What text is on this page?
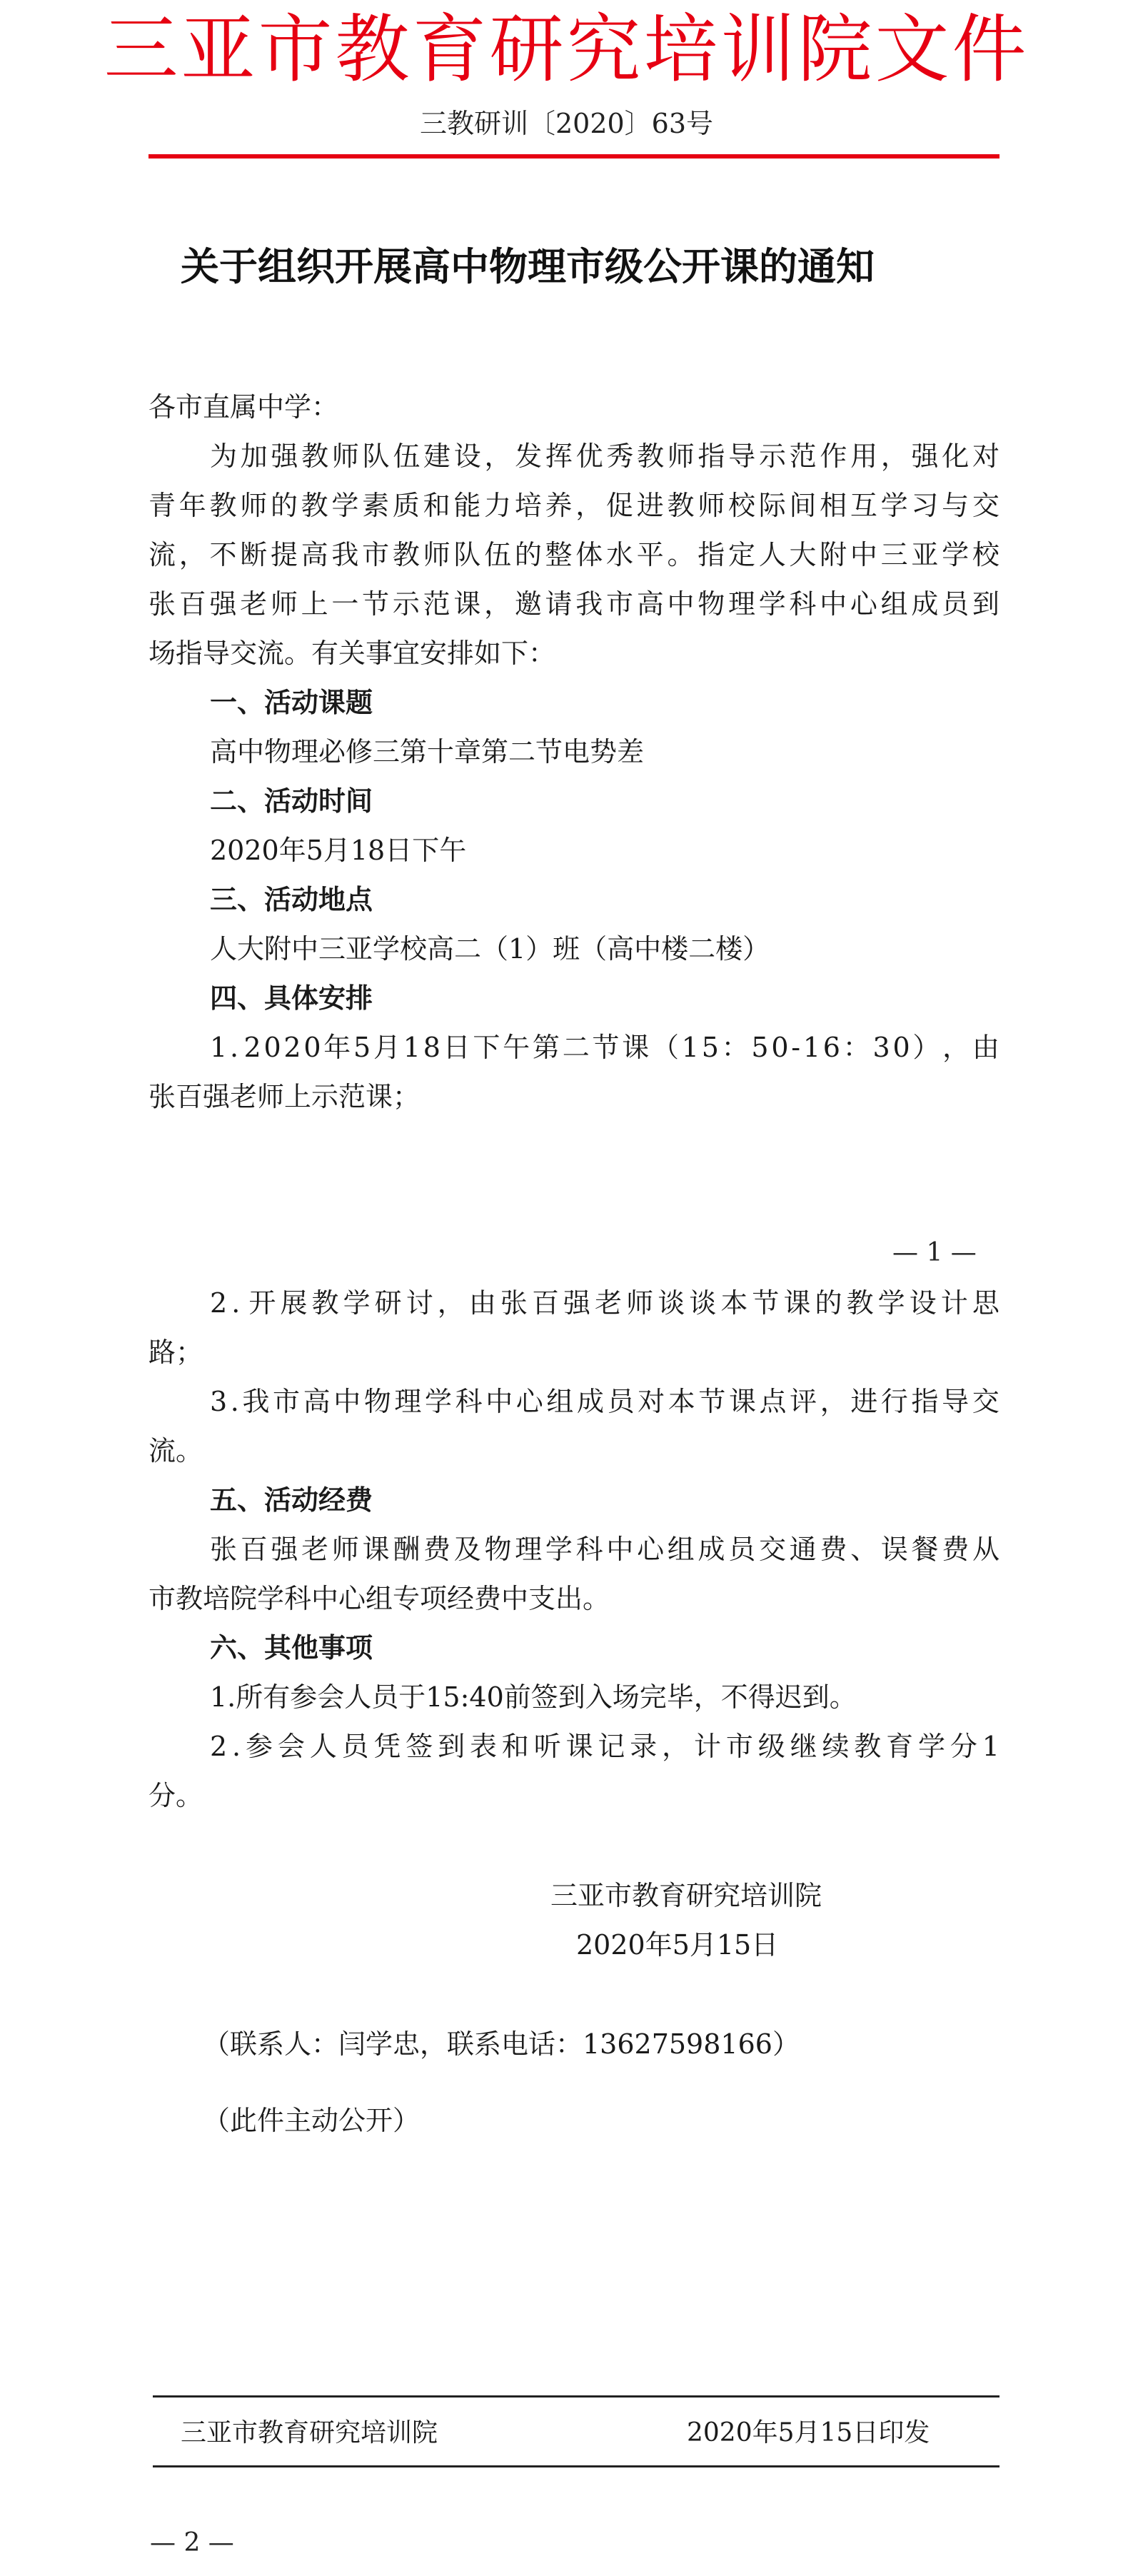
三亚市教育研究培训院文件
三教研训〔2020〕63号
关于组织开展高中物理市级公开课的通知
各市直属中学：
为 加 强 教 师 队 伍 建 设 ， 发 挥 优 秀 教 师 指 导 示 范 作 用 ， 强 化 对
青 年 教 师 的 教 学 素 质 和 能 力 培 养 ， 促 进 教 师 校 际 间 相 互 学 习 与 交
流 ， 不 断 提 高 我 市 教 师 队 伍 的 整 体 水 平 。 指 定 人 大 附 中 三 亚 学 校
张 百 强 老 师 上 一 节 示 范 课 ， 邀 请 我 市 高 中 物 理 学 科 中 心 组 成 员 到
场指导交流。有关事宜安排如下：
一、活动课题
高中物理必修三第十章第二节电势差
二、活动时间
2020年5月18日下午
三、活动地点
人大附中三亚学校高二（1）班（高中楼二楼）
四、具体安排
1 . 2 0 2 0 年 5 月 1 8 日 下 午 第 二 节 课 （ 1 5 ： 5 0 - 1 6 ： 3 0 ） ， 由
张百强老师上示范课；
— 1 —
2 . 开 展 教 学 研 讨 ， 由 张 百 强 老 师 谈 谈 本 节 课 的 教 学 设 计 思
路；
3 . 我 市 高 中 物 理 学 科 中 心 组 成 员 对 本 节 课 点 评 ， 进 行 指 导 交
流。
五、活动经费
张 百 强 老 师 课 酬 费 及 物 理 学 科 中 心 组 成 员 交 通 费 、 误 餐 费 从
市教培院学科中心组专项经费中支出。
六、其他事项
1.所有参会人员于15:40前签到入场完毕，不得迟到。
2 . 参 会 人 员 凭 签 到 表 和 听 课 记 录 ， 计 市 级 继 续 教 育 学 分 1
分。
三亚市教育研究培训院
2020年5月15日
（联系人：闫学忠，联系电话：13627598166）
（此件主动公开）
三亚市教育研究培训院	2020年5月15日印发
— 2 —
